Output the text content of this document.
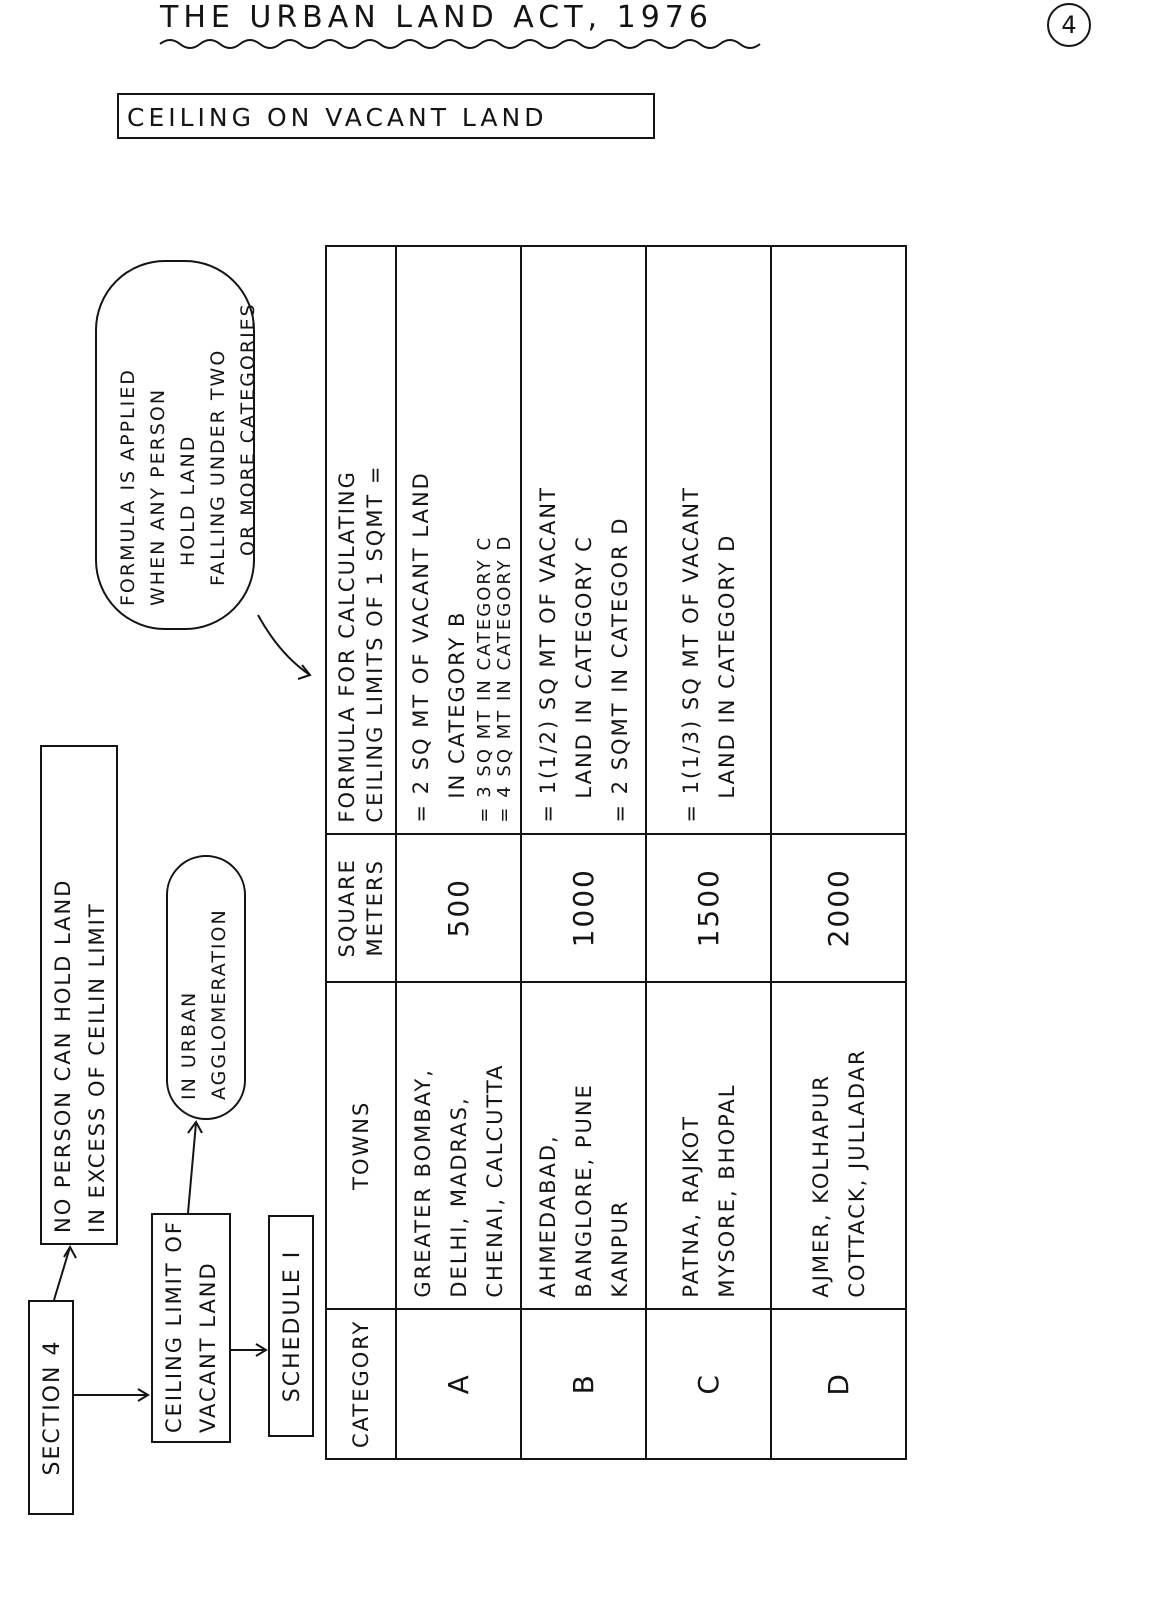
THE URBAN LAND ACT, 1976	4
CEILING ON VACANT LAND
SECTION 4
NO PERSON CAN HOLD LAND IN EXCESS OF CEILIN LIMIT
CEILING LIMIT OF VACANT LAND
IN URBAN AGGLOMERATION
SCHEDULE I
FORMULA IS APPLIED WHEN ANY PERSON HOLD LAND FALLING UNDER TWO OR MORE CATEGORIES
CATEGORY	TOWNS	SQUARE METERS	FORMULA FOR CALCULATING CEILING LIMITS OF 1 SQMT =
A	GREATER BOMBAY, DELHI, MADRAS, CHENAI, CALCUTTA	500	= 2 SQ MT OF VACANT LAND IN CATEGORY B = 3 SQ MT IN CATEGORY C = 4 SQ MT IN CATEGORY D

B	AHMEDABAD, BANGLORE, PUNE KANPUR	1000	= 1(1/2) SQ MT OF VACANT LAND IN CATEGORY C = 2 SQMT IN CATEGOR D

C	PATNA, RAJKOT MYSORE, BHOPAL	1500	= 1(1/3) SQ MT OF VACANT LAND IN CATEGORY D

D	AJMER, KOLHAPUR COTTACK, JULLADAR	2000	
